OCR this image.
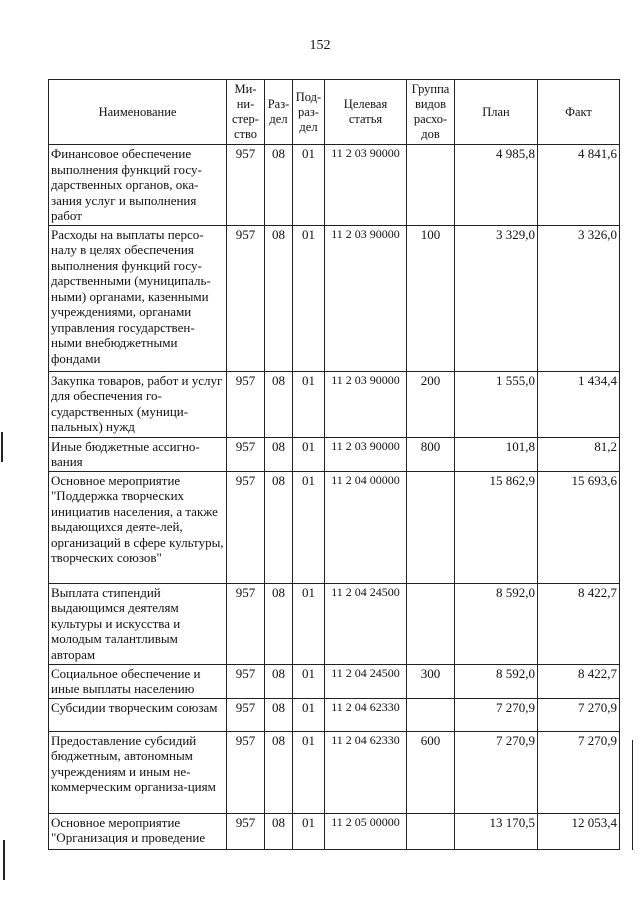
152
Наименование	Ми-ни-стер-ство	Раз-дел	Под-раз-дел	Целевая статья	Группа видов расхо-дов	План	Факт
Финансовое обеспечение выполнения функций госу-дарственных органов, ока-зания услуг и выполнения работ	957	08	01	11 2 03 90000		4 985,8	4 841,6
Расходы на выплаты персо-налу в целях обеспечения выполнения функций госу-дарственными (муниципаль-ными) органами, казенными учреждениями, органами управления государствен-ными внебюджетными фондами	957	08	01	11 2 03 90000	100	3 329,0	3 326,0
Закупка товаров, работ и услуг для обеспечения го-сударственных (муници-пальных) нужд	957	08	01	11 2 03 90000	200	1 555,0	1 434,4
Иные бюджетные ассигно-вания	957	08	01	11 2 03 90000	800	101,8	81,2
Основное мероприятие "Поддержка творческих инициатив населения, а также выдающихся деяте-лей, организаций в сфере культуры, творческих союзов"	957	08	01	11 2 04 00000		15 862,9	15 693,6
Выплата стипендий выдающимся деятелям культуры и искусства и молодым талантливым авторам	957	08	01	11 2 04 24500		8 592,0	8 422,7
Социальное обеспечение и иные выплаты населению	957	08	01	11 2 04 24500	300	8 592,0	8 422,7
Субсидии творческим союзам	957	08	01	11 2 04 62330		7 270,9	7 270,9
Предоставление субсидий бюджетным, автономным учреждениям и иным не-коммерческим организа-циям	957	08	01	11 2 04 62330	600	7 270,9	7 270,9
Основное мероприятие "Организация и проведение	957	08	01	11 2 05 00000		13 170,5	12 053,4
